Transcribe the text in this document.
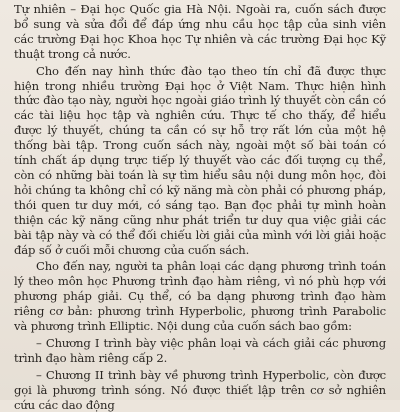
Tự nhiên – Đại học Quốc gia Hà Nội. Ngoài ra, cuốn sách được bổ sung và sửa đổi để đáp ứng nhu cầu học tập của sinh viên các trường Đại học Khoa học Tự nhiên và các trường Đại học Kỹ thuật trong cả nước.

Cho đến nay hình thức đào tạo theo tín chỉ đã được thực hiện trong nhiều trường Đại học ở Việt Nam. Thực hiện hình thức đào tạo này, người học ngoài giáo trình lý thuyết còn cần có các tài liệu học tập và nghiên cứu. Thực tế cho thấy, để hiểu được lý thuyết, chúng ta cần có sự hỗ trợ rất lớn của một hệ thống bài tập. Trong cuốn sách này, ngoài một số bài toán có tính chất áp dụng trực tiếp lý thuyết vào các đối tượng cụ thể, còn có những bài toán là sự tìm hiểu sâu nội dung môn học, đòi hỏi chúng ta không chỉ có kỹ năng mà còn phải có phương pháp, thói quen tư duy mới, có sáng tạo. Bạn đọc phải tự mình hoàn thiện các kỹ năng cũng như phát triển tư duy qua việc giải các bài tập này và có thể đối chiếu lời giải của mình với lời giải hoặc đáp số ở cuối mỗi chương của cuốn sách.

Cho đến nay, người ta phân loại các dạng phương trình toán lý theo môn học Phương trình đạo hàm riêng, vì nó phù hợp với phương pháp giải. Cụ thể, có ba dạng phương trình đạo hàm riêng cơ bản: phương trình Hyperbolic, phương trình Parabolic và phương trình Elliptic. Nội dung của cuốn sách bao gồm:

– Chương I trình bày việc phân loại và cách giải các phương trình đạo hàm riêng cấp 2.

– Chương II trình bày về phương trình Hyperbolic, còn được gọi là phương trình sóng. Nó được thiết lập trên cơ sở nghiên cứu các dao động
